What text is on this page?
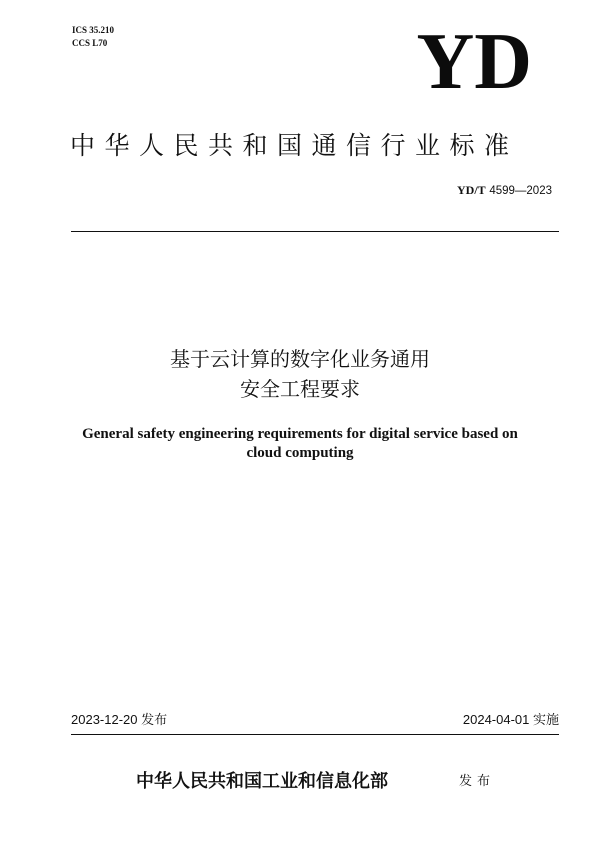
ICS 35.210
CCS L70	YD
中华人民共和国通信行业标准
YD/T 4599—2023
基于云计算的数字化业务通用
安全工程要求
General safety engineering requirements for digital service based on
cloud computing
2023-12-20 发布	2024-04-01 实施
中华人民共和国工业和信息化部	发布
